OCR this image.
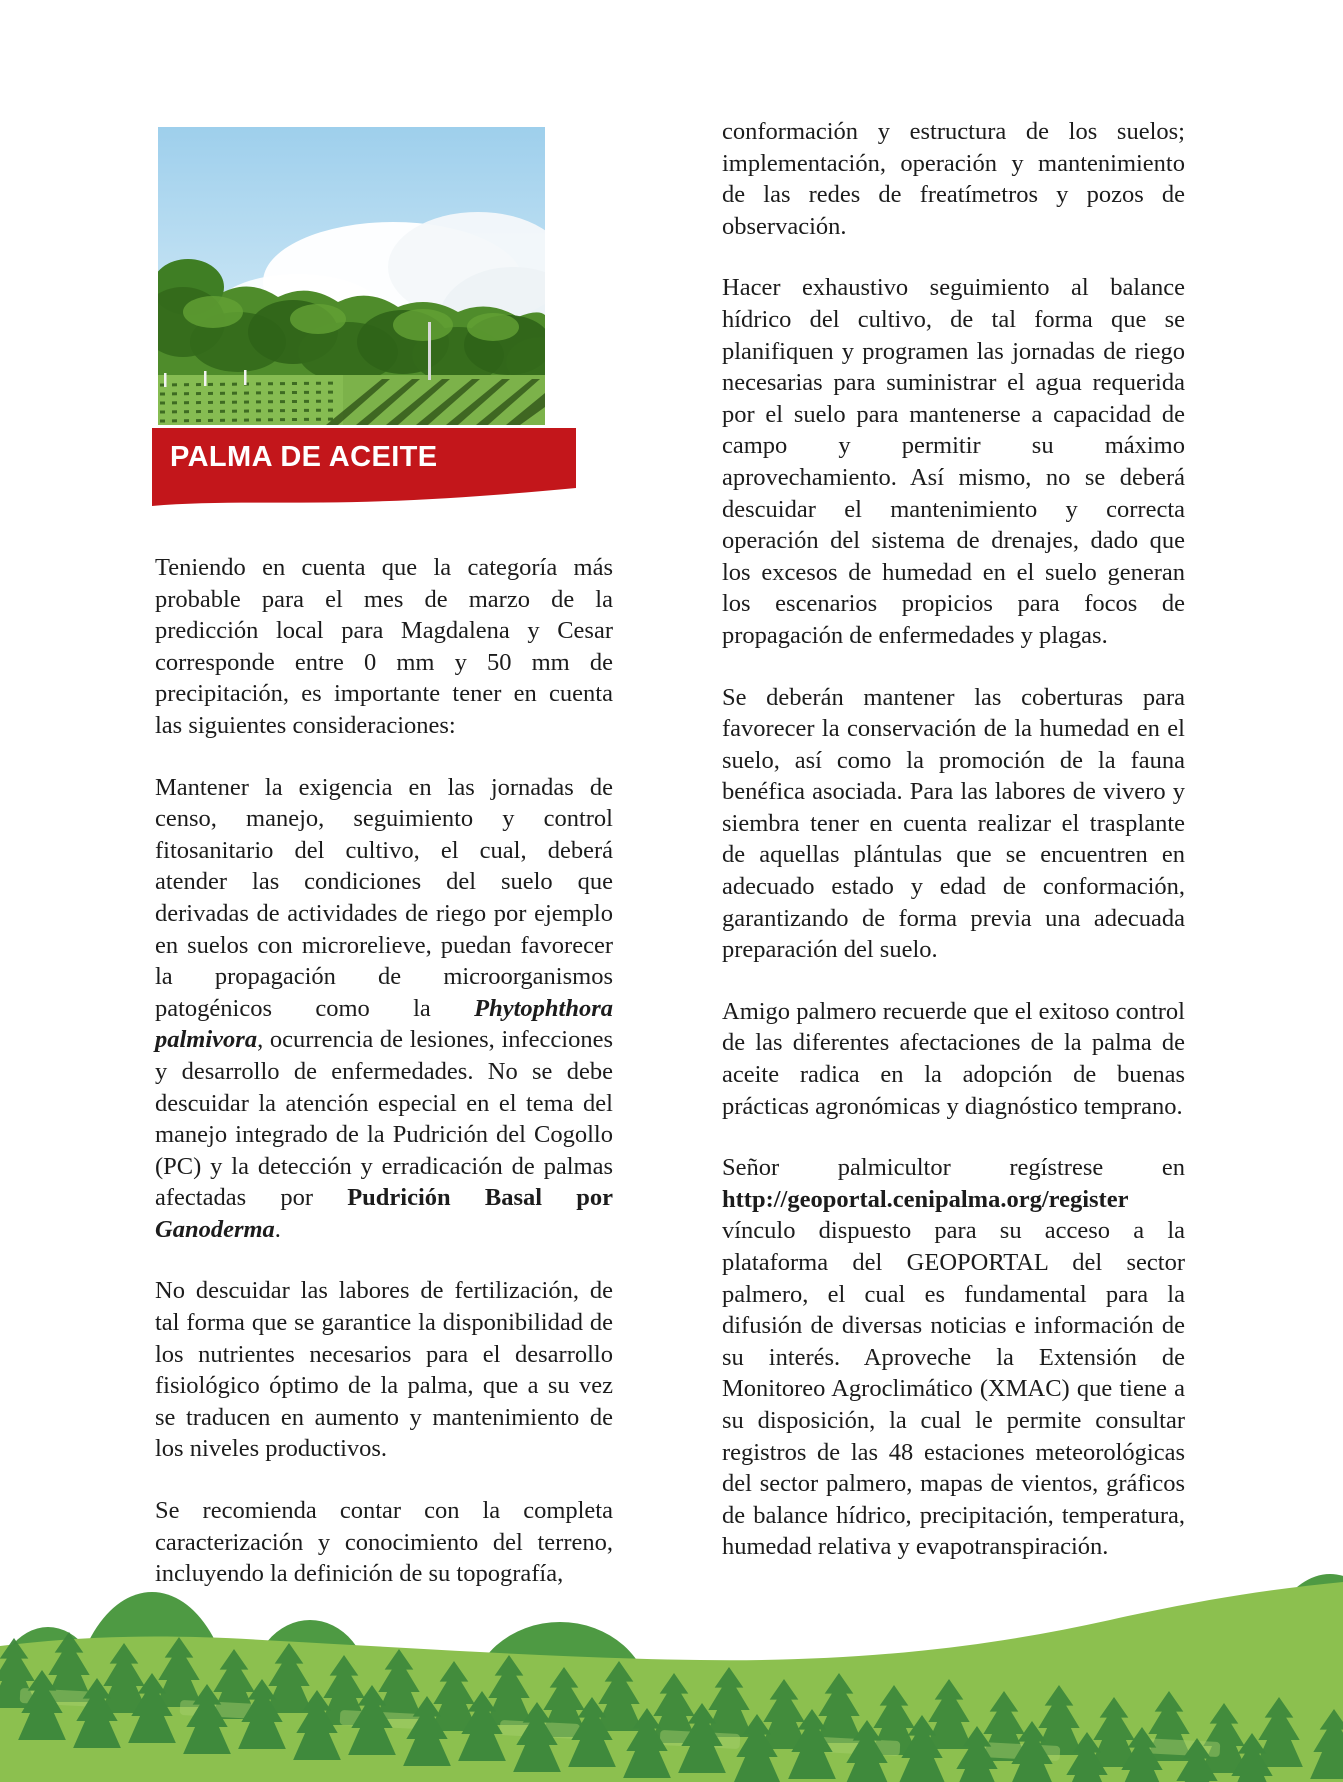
PALMA DE ACEITE

Teniendo en cuenta que la categoría más probable para el mes de marzo de la predicción local para Magdalena y Cesar corresponde entre 0 mm y 50 mm de precipitación, es importante tener en cuenta las siguientes consideraciones:

Mantener la exigencia en las jornadas de censo, manejo, seguimiento y control fitosanitario del cultivo, el cual, deberá atender las condiciones del suelo que derivadas de actividades de riego por ejemplo en suelos con microrelieve, puedan favorecer la propagación de microorganismos patogénicos como la Phytophthora palmivora, ocurrencia de lesiones, infecciones y desarrollo de enfermedades. No se debe descuidar la atención especial en el tema del manejo integrado de la Pudrición del Cogollo (PC) y la detección y erradicación de palmas afectadas por Pudrición Basal por Ganoderma.

No descuidar las labores de fertilización, de tal forma que se garantice la disponibilidad de los nutrientes necesarios para el desarrollo fisiológico óptimo de la palma, que a su vez se traducen en aumento y mantenimiento de los niveles productivos.

Se recomienda contar con la completa caracterización y conocimiento del terreno, incluyendo la definición de su topografía,

conformación y estructura de los suelos; implementación, operación y mantenimiento de las redes de freatímetros y pozos de observación.

Hacer exhaustivo seguimiento al balance hídrico del cultivo, de tal forma que se planifiquen y programen las jornadas de riego necesarias para suministrar el agua requerida por el suelo para mantenerse a capacidad de campo y permitir su máximo aprovechamiento. Así mismo, no se deberá descuidar el mantenimiento y correcta operación del sistema de drenajes, dado que los excesos de humedad en el suelo generan los escenarios propicios para focos de propagación de enfermedades y plagas.

Se deberán mantener las coberturas para favorecer la conservación de la humedad en el suelo, así como la promoción de la fauna benéfica asociada. Para las labores de vivero y siembra tener en cuenta realizar el trasplante de aquellas plántulas que se encuentren en adecuado estado y edad de conformación, garantizando de forma previa una adecuada preparación del suelo.

Amigo palmero recuerde que el exitoso control de las diferentes afectaciones de la palma de aceite radica en la adopción de buenas prácticas agronómicas y diagnóstico temprano.

Señor palmicultor regístrese en http://geoportal.cenipalma.org/register vínculo dispuesto para su acceso a la plataforma del GEOPORTAL del sector palmero, el cual es fundamental para la difusión de diversas noticias e información de su interés. Aproveche la Extensión de Monitoreo Agroclimático (XMAC) que tiene a su disposición, la cual le permite consultar registros de las 48 estaciones meteorológicas del sector palmero, mapas de vientos, gráficos de balance hídrico, precipitación, temperatura, humedad relativa y evapotranspiración.
